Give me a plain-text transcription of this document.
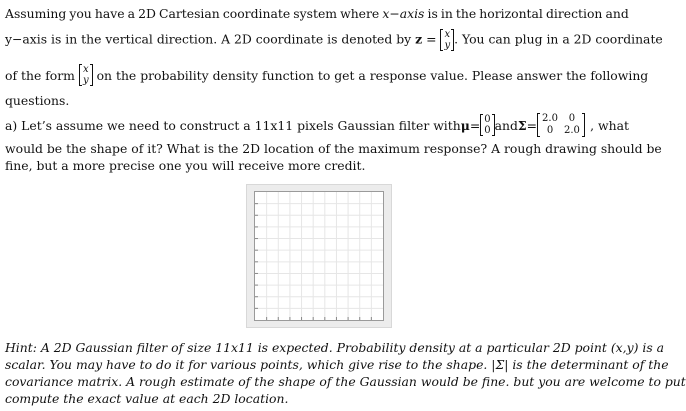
Assuming you have a 2D Cartesian coordinate system where x−axis is in the horizontal direction and
y−axis is in the vertical direction. A 2D coordinate is denoted by z = x
y . You can plug in a 2D coordinate
of the form x
y on the probability density function to get a response value. Please answer the following
questions.
a) Let’s assume we need to construct a 11x11 pixels Gaussian filter with μ = 0
0 and Σ = 2.0	0
0	2.0 , what
would be the shape of it? What is the 2D location of the maximum response? A rough drawing should be
fine, but a more precise one you will receive more credit.
Hint: A 2D Gaussian filter of size 11x11 is expected. Probability density at a particular 2D point (x,y) is a
scalar. You may have to do it for various points, which give rise to the shape. |Σ| is the determinant of the
covariance matrix. A rough estimate of the shape of the Gaussian would be fine. but you are welcome to put
compute the exact value at each 2D location.
